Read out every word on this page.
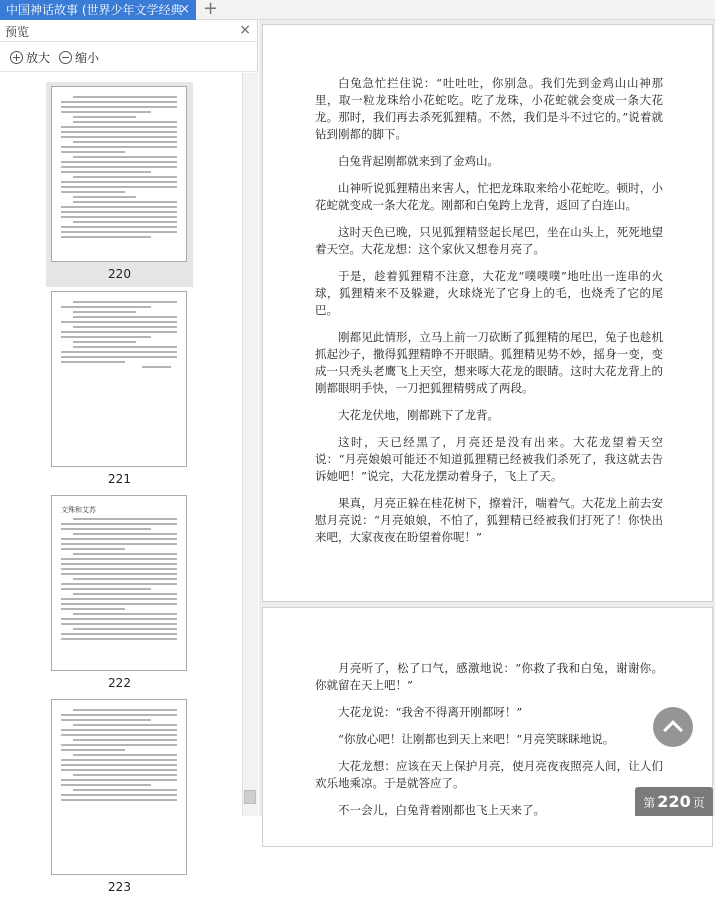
中国神话故事 (世界少年文学经典
× +
预览	×
放大	缩小
220
221
文殊和艾苏
222
223

白兔急忙拦住说：“吐吐吐，你别急。我们先到金鸡山山神那里，取一粒龙珠给小花蛇吃。吃了龙珠，小花蛇就会变成一条大花龙。那时，我们再去杀死狐狸精。不然，我们是斗不过它的。”说着就钻到刚都的脚下。

白兔背起刚都就来到了金鸡山。

山神听说狐狸精出来害人，忙把龙珠取来给小花蛇吃。顿时，小花蛇就变成一条大花龙。刚都和白兔跨上龙背，返回了白连山。

这时天色已晚，只见狐狸精竖起长尾巴，坐在山头上，死死地望着天空。大花龙想：这个家伙又想卷月亮了。

于是，趁着狐狸精不注意，大花龙“噗噗噗”地吐出一连串的火球，狐狸精来不及躲避，火球烧光了它身上的毛，也烧秃了它的尾巴。

刚都见此情形，立马上前一刀砍断了狐狸精的尾巴，兔子也趁机抓起沙子，撒得狐狸精睁不开眼睛。狐狸精见势不妙，摇身一变，变成一只秃头老鹰飞上天空，想来啄大花龙的眼睛。这时大花龙背上的刚都眼明手快，一刀把狐狸精劈成了两段。

大花龙伏地，刚都跳下了龙背。

这时，天已经黑了，月亮还是没有出来。大花龙望着天空说：“月亮娘娘可能还不知道狐狸精已经被我们杀死了，我这就去告诉她吧！”说完，大花龙摆动着身子，飞上了天。

果真，月亮正躲在桂花树下，擦着汗，喘着气。大花龙上前去安慰月亮说：“月亮娘娘，不怕了，狐狸精已经被我们打死了！你快出来吧，大家夜夜在盼望着你呢！”

月亮听了，松了口气，感激地说：“你救了我和白兔，谢谢你。你就留在天上吧！”

大花龙说：“我舍不得离开刚都呀！”

“你放心吧！让刚都也到天上来吧！”月亮笑眯眯地说。

大花龙想：应该在天上保护月亮，使月亮夜夜照亮人间，让人们欢乐地乘凉。于是就答应了。

不一会儿，白兔背着刚都也飞上天来了。	第 220 页
